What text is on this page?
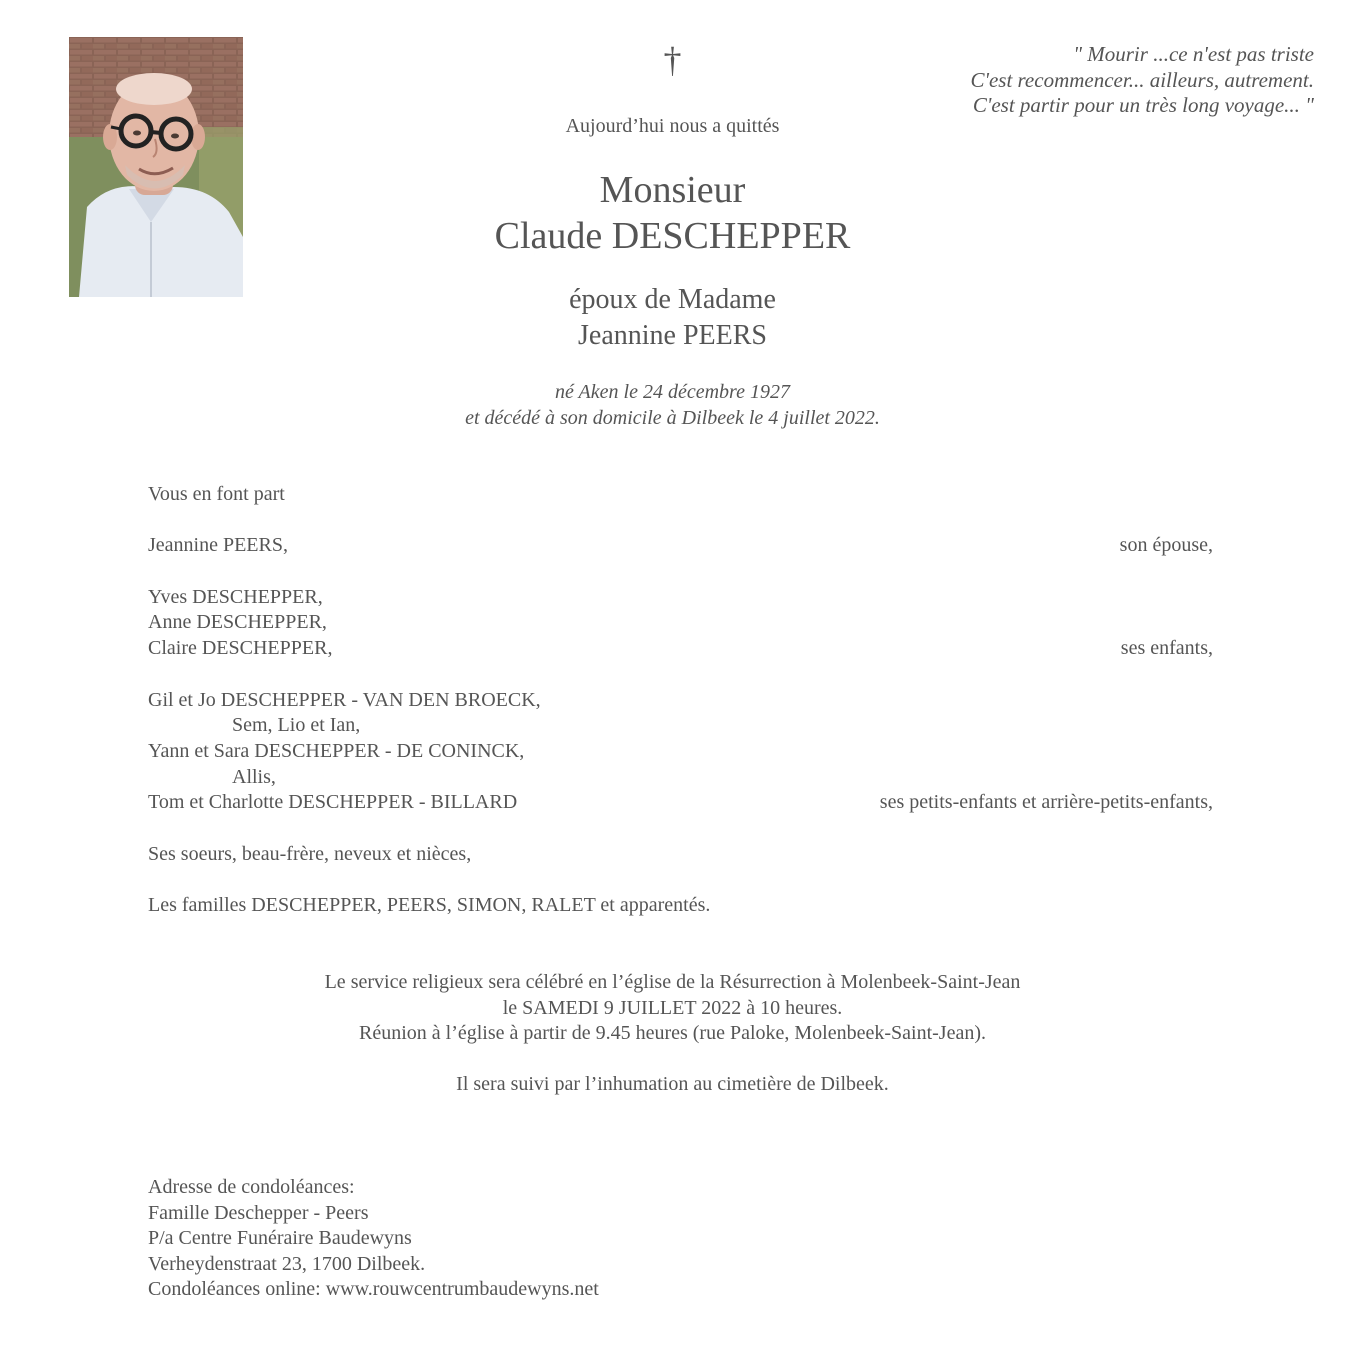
†	" Mourir ...ce n'est pas triste
C'est recommencer... ailleurs, autrement.
C'est partir pour un très long voyage... "
Aujourd’hui nous a quittés
Monsieur
Claude DESCHEPPER
époux de Madame
Jeannine PEERS
né Aken le 24 décembre 1927
et décédé à son domicile à Dilbeek le 4 juillet 2022.
Vous en font part
Jeannine PEERS,	son épouse,
Yves DESCHEPPER,
Anne DESCHEPPER,
Claire DESCHEPPER,	ses enfants,
Gil et Jo DESCHEPPER - VAN DEN BROECK,
Sem, Lio et Ian,
Yann et Sara DESCHEPPER - DE CONINCK,
Allis,
Tom et Charlotte DESCHEPPER - BILLARD	ses petits-enfants et arrière-petits-enfants,
Ses soeurs, beau-frère, neveux et nièces,
Les familles DESCHEPPER, PEERS, SIMON, RALET et apparentés.
Le service religieux sera célébré en l’église de la Résurrection à Molenbeek-Saint-Jean
le SAMEDI 9 JUILLET 2022 à 10 heures.
Réunion à l’église à partir de 9.45 heures (rue Paloke, Molenbeek-Saint-Jean).
Il sera suivi par l’inhumation au cimetière de Dilbeek.
Adresse de condoléances:
Famille Deschepper - Peers
P/a Centre Funéraire Baudewyns
Verheydenstraat 23, 1700 Dilbeek.
Condoléances online: www.rouwcentrumbaudewyns.net
